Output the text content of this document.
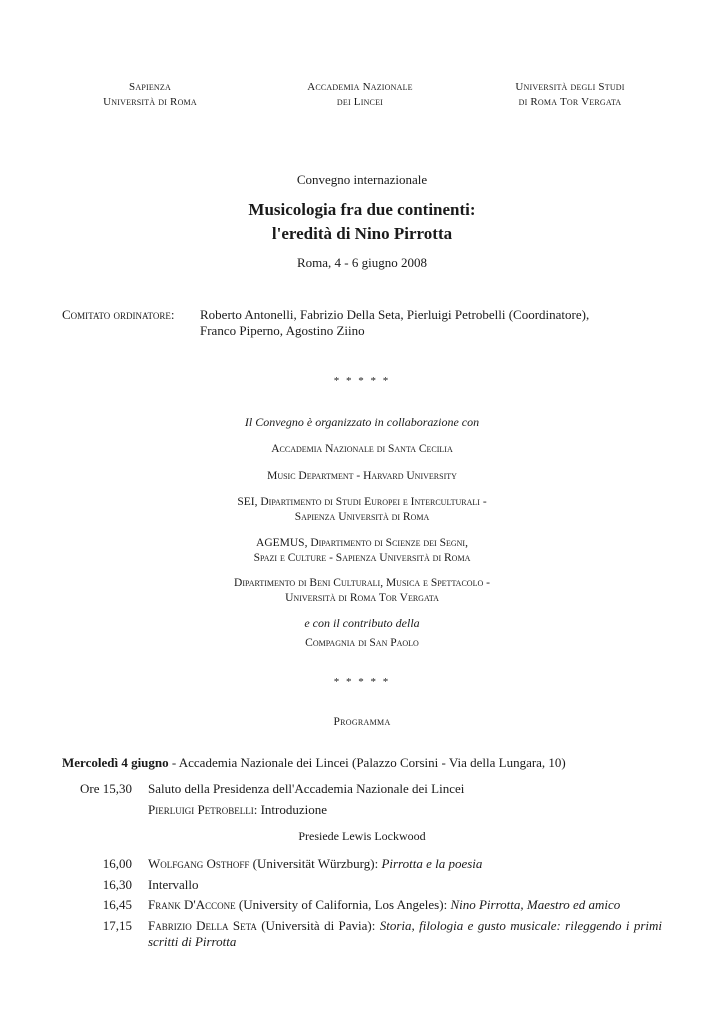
Sapienza
Università di Roma
Accademia Nazionale
dei Lincei
Università degli Studi
di Roma Tor Vergata
Convegno internazionale
Musicologia fra due continenti:
l'eredità di Nino Pirrotta
Roma, 4 - 6 giugno 2008
Comitato ordinatore:	Roberto Antonelli, Fabrizio Della Seta, Pierluigi Petrobelli (Coordinatore),
Franco Piperno, Agostino Ziino
* * * * *
Il Convegno è organizzato in collaborazione con
Accademia Nazionale di Santa Cecilia
Music Department - Harvard University
SEI, Dipartimento di Studi Europei e Interculturali -
Sapienza Università di Roma
AGEMUS, Dipartimento di Scienze dei Segni,
Spazi e Culture - Sapienza Università di Roma
Dipartimento di Beni Culturali, Musica e Spettacolo -
Università di Roma Tor Vergata
e con il contributo della
Compagnia di San Paolo
* * * * *
Programma
Mercoledì 4 giugno - Accademia Nazionale dei Lincei (Palazzo Corsini - Via della Lungara, 10)
Ore 15,30 Saluto della Presidenza dell'Accademia Nazionale dei Lincei
Pierluigi Petrobelli: Introduzione
Presiede Lewis Lockwood
16,00 Wolfgang Osthoff (Universität Würzburg): Pirrotta e la poesia
16,30 Intervallo
16,45 Frank D'Accone (University of California, Los Angeles): Nino Pirrotta, Maestro ed amico
17,15 Fabrizio Della Seta (Università di Pavia): Storia, filologia e gusto musicale: rileggendo i primi scritti di Pirrotta
